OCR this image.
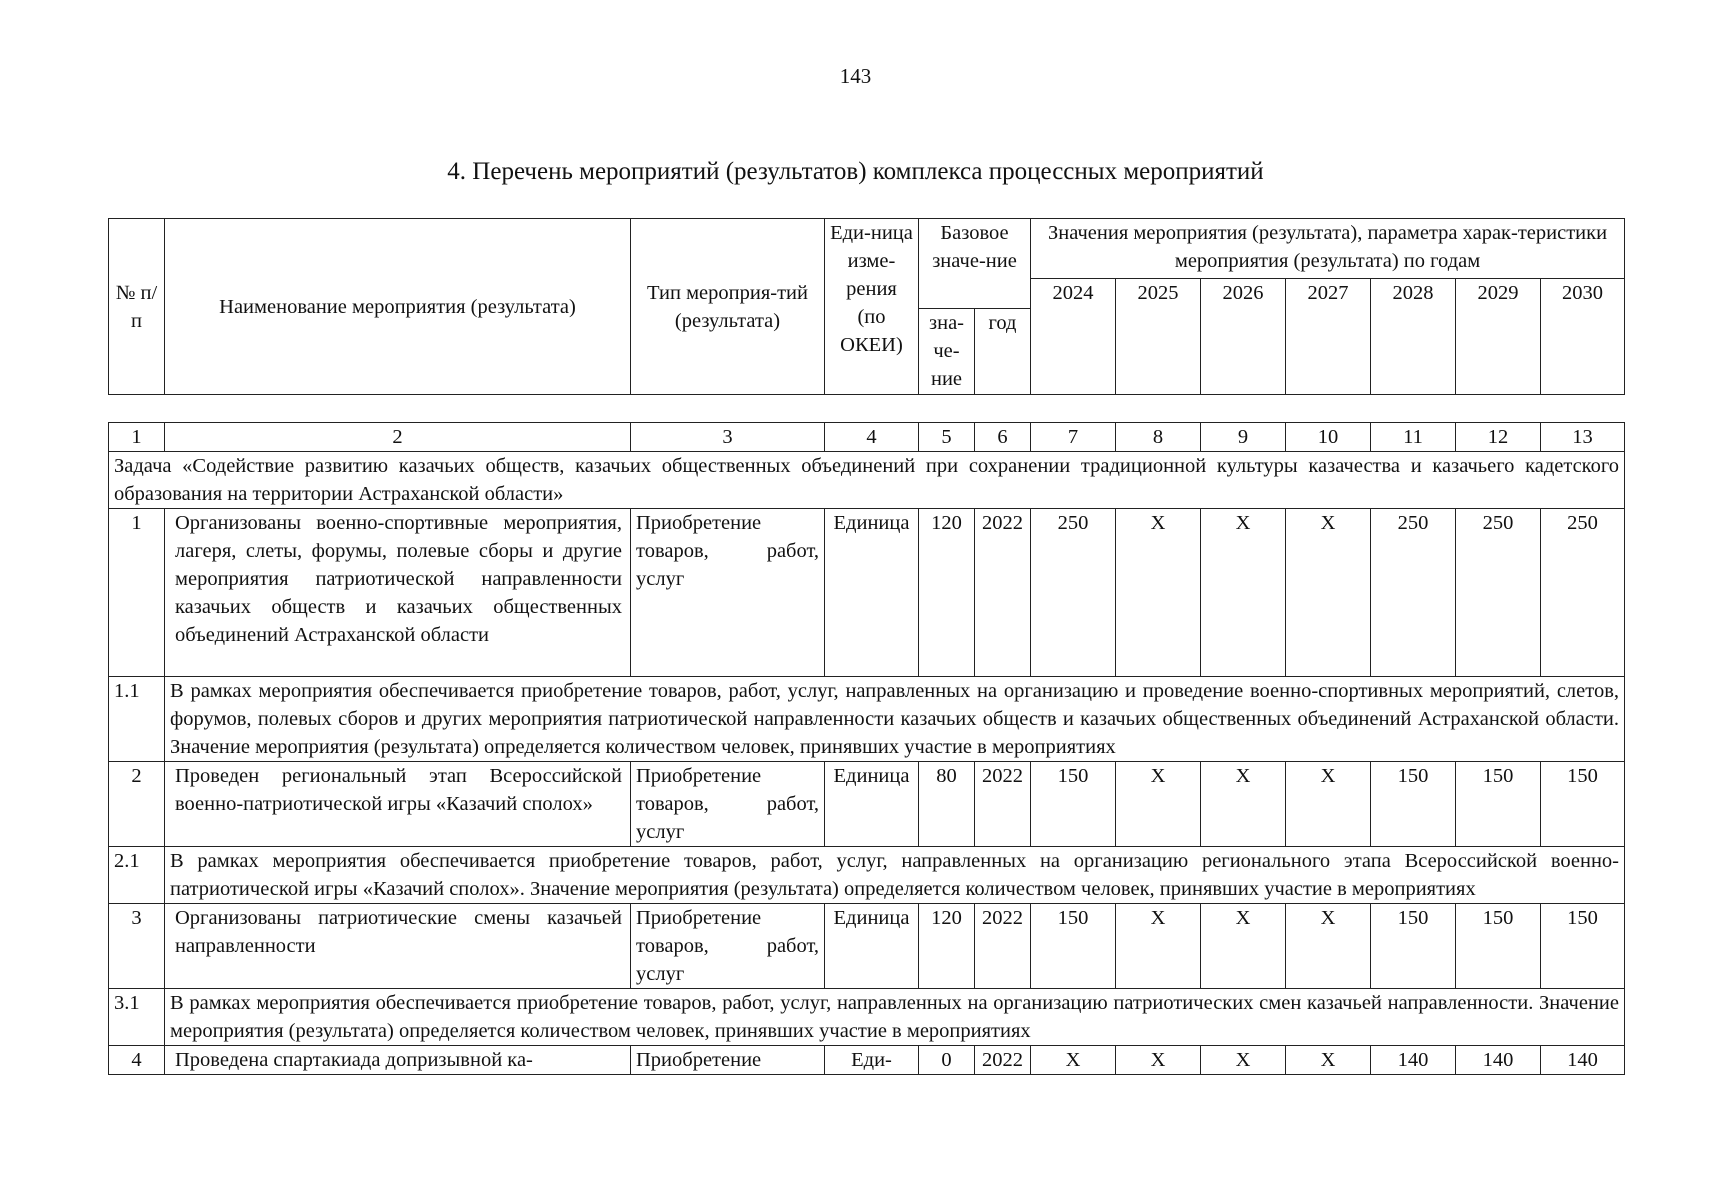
143
4. Перечень мероприятий (результатов) комплекса процессных мероприятий
№ п/п	Наименование мероприятия (результата)	Тип мероприя-тий (результата)	Еди-ница изме-рения (по ОКЕИ)	Базовое значе-ние		Значения мероприятия (результата), параметра харак-теристики мероприятия (результата) по годам						
						2024	2025	2026	2027	2028	2029	2030
				зна-че-ние	год							
1	2	3	4	5	6	7	8	9	10	11	12	13
Задача «Содействие развитию казачьих обществ, казачьих общественных объединений при сохранении традиционной культуры казачества и казачьего кадетского образования на территории Астраханской области»												
1	Организованы военно-спортивные мероприятия, лагеря, слеты, форумы, полевые сборы и другие мероприятия патриотической направленности казачьих обществ и казачьих общественных объединений Астраханской области	Приобретение товаров, работ, услуг	Единица	120	2022	250	X	X	X	250	250	250
1.1	В рамках мероприятия обеспечивается приобретение товаров, работ, услуг, направленных на организацию и проведение военно-спортивных мероприятий, слетов, форумов, полевых сборов и других мероприятия патриотической направленности казачьих обществ и казачьих общественных объединений Астраханской области. Значение мероприятия (результата) определяется количеством человек, принявших участие в мероприятиях											
2	Проведен региональный этап Всероссийской военно-патриотической игры «Казачий сполох»	Приобретение товаров, работ, услуг	Единица	80	2022	150	X	X	X	150	150	150
2.1	В рамках мероприятия обеспечивается приобретение товаров, работ, услуг, направленных на организацию регионального этапа Всероссийской военно-патриотической игры «Казачий сполох». Значение мероприятия (результата) определяется количеством человек, принявших участие в мероприятиях											
3	Организованы патриотические смены казачьей направленности	Приобретение товаров, работ, услуг	Единица	120	2022	150	X	X	X	150	150	150
3.1	В рамках мероприятия обеспечивается приобретение товаров, работ, услуг, направленных на организацию патриотических смен казачьей направленности. Значение мероприятия (результата) определяется количеством человек, принявших участие в мероприятиях											
4	Проведена спартакиада допризывной ка-	Приобретение	Еди-	0	2022	X	X	X	X	140	140	140
